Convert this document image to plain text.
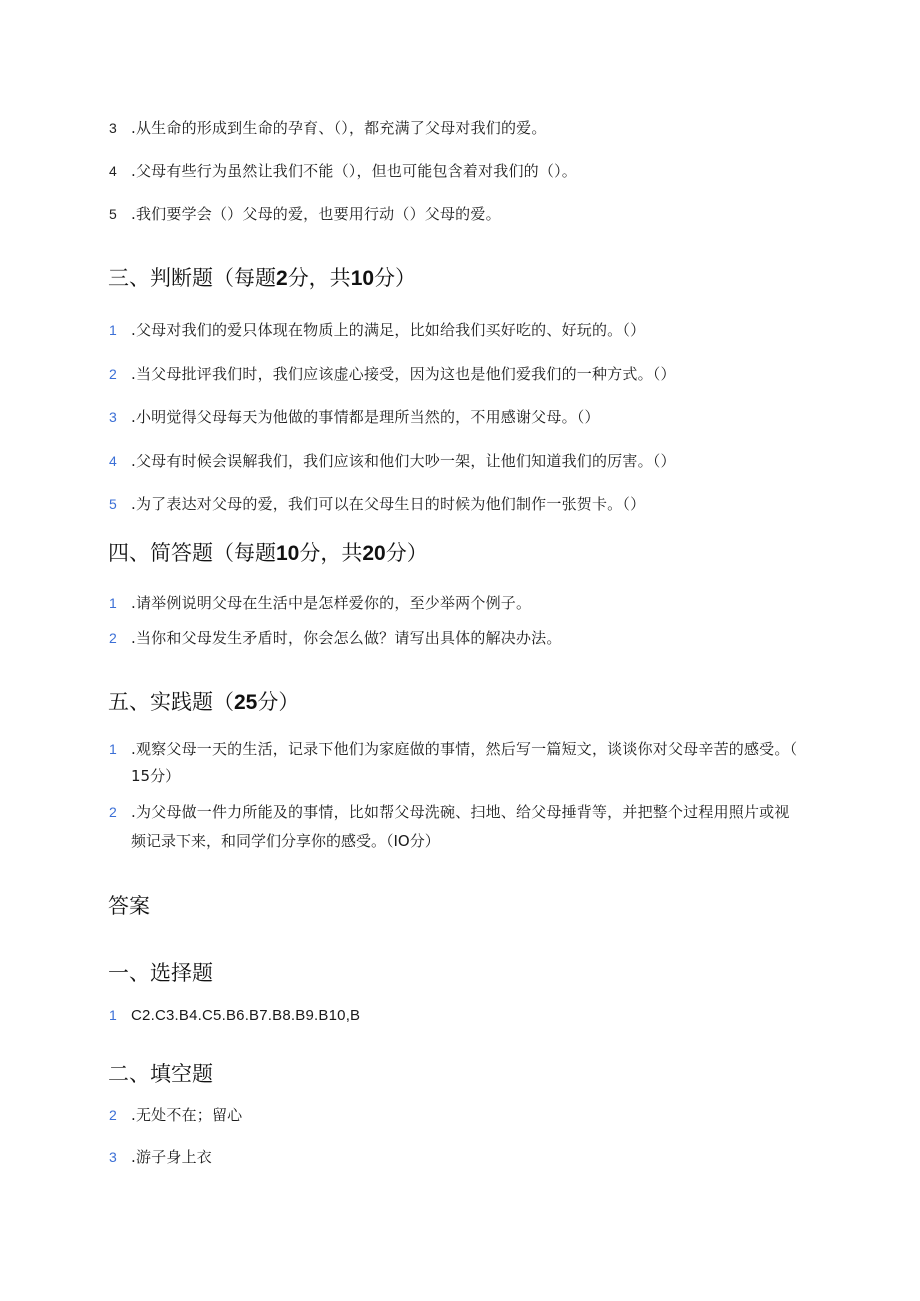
3 .从生命的形成到生命的孕育、（），都充满了父母对我们的爱。
4 .父母有些行为虽然让我们不能（），但也可能包含着对我们的（）。
5 .我们要学会（）父母的爱，也要用行动（）父母的爱。
三、判断题（每题2分，共10分）
1 .父母对我们的爱只体现在物质上的满足，比如给我们买好吃的、好玩的。（）
2 .当父母批评我们时，我们应该虚心接受，因为这也是他们爱我们的一种方式。（）
3 .小明觉得父母每天为他做的事情都是理所当然的，不用感谢父母。（）
4 .父母有时候会误解我们，我们应该和他们大吵一架，让他们知道我们的厉害。（）
5 .为了表达对父母的爱，我们可以在父母生日的时候为他们制作一张贺卡。（）
四、简答题（每题10分，共20分）
1 .请举例说明父母在生活中是怎样爱你的，至少举两个例子。
2 .当你和父母发生矛盾时，你会怎么做？请写出具体的解决办法。
五、实践题（25分）
1 .观察父母一天的生活，记录下他们为家庭做的事情，然后写一篇短文，谈谈你对父母辛苦的感受。（
15分）
2 .为父母做一件力所能及的事情，比如帮父母洗碗、扫地、给父母捶背等，并把整个过程用照片或视
频记录下来，和同学们分享你的感受。（IO分）
答案
一、选择题
1 C2.C3.B4.C5.B6.B7.B8.B9.B10,B
二、填空题
2 .无处不在；留心
3 .游子身上衣
